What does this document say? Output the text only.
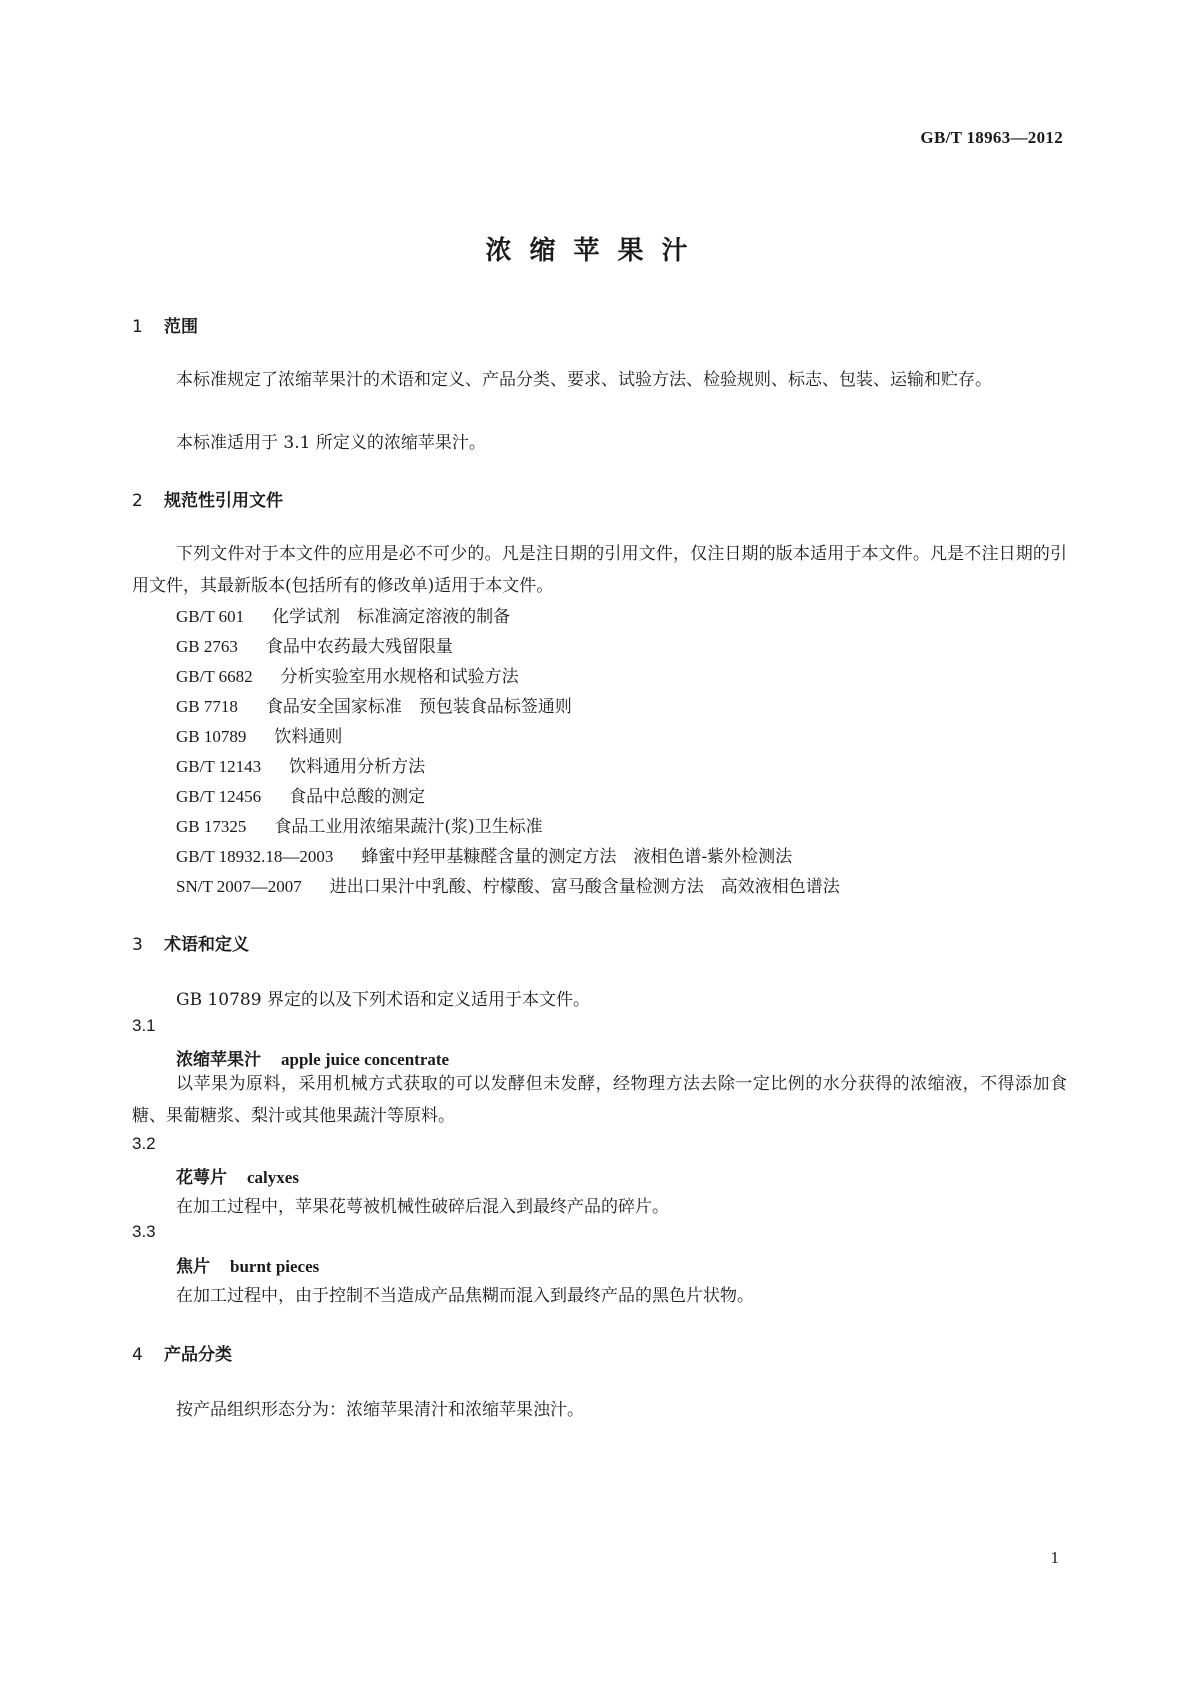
GB/T 18963—2012
浓缩苹果汁
1 范围
本标准规定了浓缩苹果汁的术语和定义、产品分类、要求、试验方法、检验规则、标志、包装、运输和贮存。
本标准适用于 3.1 所定义的浓缩苹果汁。
2 规范性引用文件
下列文件对于本文件的应用是必不可少的。凡是注日期的引用文件，仅注日期的版本适用于本文件。凡是不注日期的引用文件，其最新版本(包括所有的修改单)适用于本文件。
GB/T 601 化学试剂　标准滴定溶液的制备
GB 2763 食品中农药最大残留限量
GB/T 6682 分析实验室用水规格和试验方法
GB 7718 食品安全国家标准　预包装食品标签通则
GB 10789 饮料通则
GB/T 12143 饮料通用分析方法
GB/T 12456 食品中总酸的测定
GB 17325 食品工业用浓缩果蔬汁(浆)卫生标准
GB/T 18932.18—2003 蜂蜜中羟甲基糠醛含量的测定方法　液相色谱-紫外检测法
SN/T 2007—2007 进出口果汁中乳酸、柠檬酸、富马酸含量检测方法　高效液相色谱法
3 术语和定义
GB 10789 界定的以及下列术语和定义适用于本文件。
3.1
浓缩苹果汁 apple juice concentrate
以苹果为原料，采用机械方式获取的可以发酵但未发酵，经物理方法去除一定比例的水分获得的浓缩液，不得添加食糖、果葡糖浆、梨汁或其他果蔬汁等原料。
3.2
花萼片 calyxes
在加工过程中，苹果花萼被机械性破碎后混入到最终产品的碎片。
3.3
焦片 burnt pieces
在加工过程中，由于控制不当造成产品焦糊而混入到最终产品的黑色片状物。
4 产品分类
按产品组织形态分为：浓缩苹果清汁和浓缩苹果浊汁。
1
